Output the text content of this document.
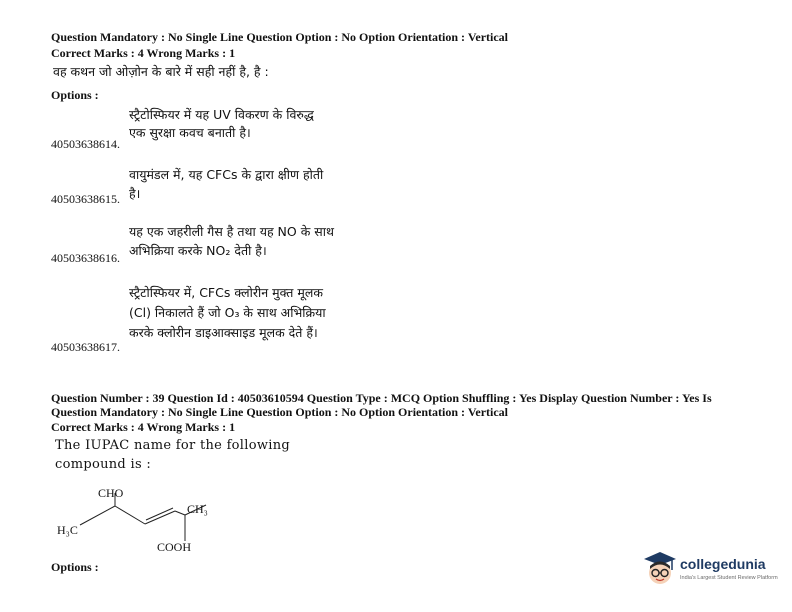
Question Mandatory : No Single Line Question Option : No Option Orientation : Vertical
Correct Marks : 4 Wrong Marks : 1
वह कथन जो ओज़ोन के बारे में सही नहीं है, है :
Options :
स्ट्रैटोस्फियर में यह UV विकरण के विरुद्ध
एक सुरक्षा कवच बनाती है।
40503638614.
वायुमंडल में, यह CFCs के द्वारा क्षीण होती
है।
40503638615.
यह एक जहरीली गैस है तथा यह NO के साथ
अभिक्रिया करके NO₂ देती है।
40503638616.
स्ट्रैटोस्फियर में, CFCs क्लोरीन मुक्त मूलक
(Cl) निकालते हैं जो O₃ के साथ अभिक्रिया
करके क्लोरीन डाइआक्साइड मूलक देते हैं।
40503638617.
Question Number : 39 Question Id : 40503610594 Question Type : MCQ Option Shuffling : Yes Display Question Number : Yes Is
Question Mandatory : No Single Line Question Option : No Option Orientation : Vertical
Correct Marks : 4 Wrong Marks : 1
The IUPAC name for the following
compound is :
CHO
CH₃
H₃C
COOH
Options :	collegedunia
India's Largest Student Review Platform
